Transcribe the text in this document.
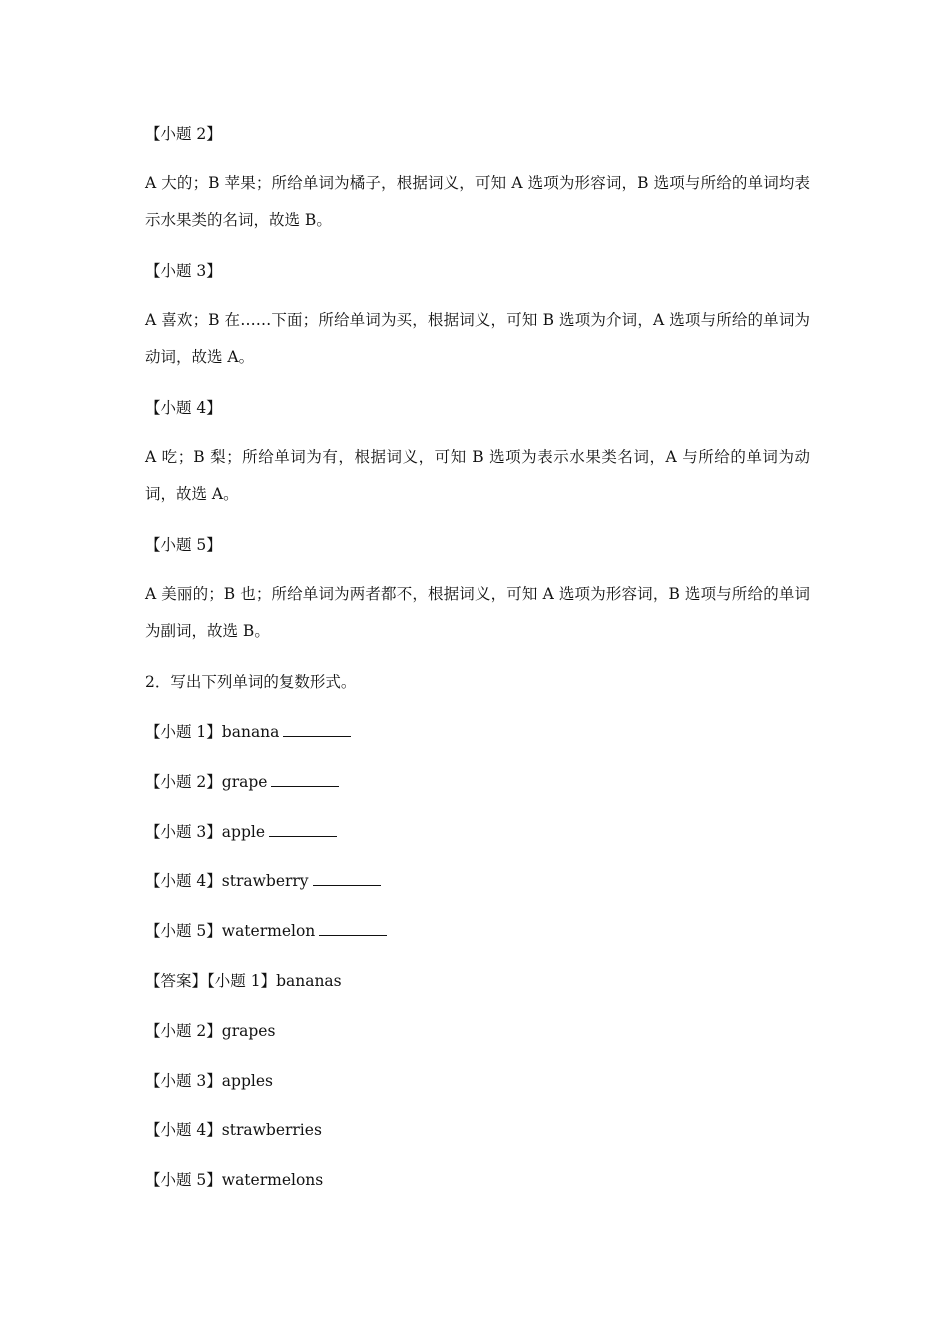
【小题 2】
A 大的；B 苹果；所给单词为橘子，根据词义，可知 A 选项为形容词，B 选项与所给的单词均表示水果类的名词，故选 B。
【小题 3】
A 喜欢；B 在……下面；所给单词为买，根据词义，可知 B 选项为介词，A 选项与所给的单词为动词，故选 A。
【小题 4】
A 吃；B 梨；所给单词为有，根据词义，可知 B 选项为表示水果类名词，A 与所给的单词为动词，故选 A。
【小题 5】
A 美丽的；B 也；所给单词为两者都不，根据词义，可知 A 选项为形容词，B 选项与所给的单词为副词，故选 B。
2．写出下列单词的复数形式。
【小题 1】banana
【小题 2】grape
【小题 3】apple
【小题 4】strawberry
【小题 5】watermelon
【答案】【小题 1】bananas
【小题 2】grapes
【小题 3】apples
【小题 4】strawberries
【小题 5】watermelons
